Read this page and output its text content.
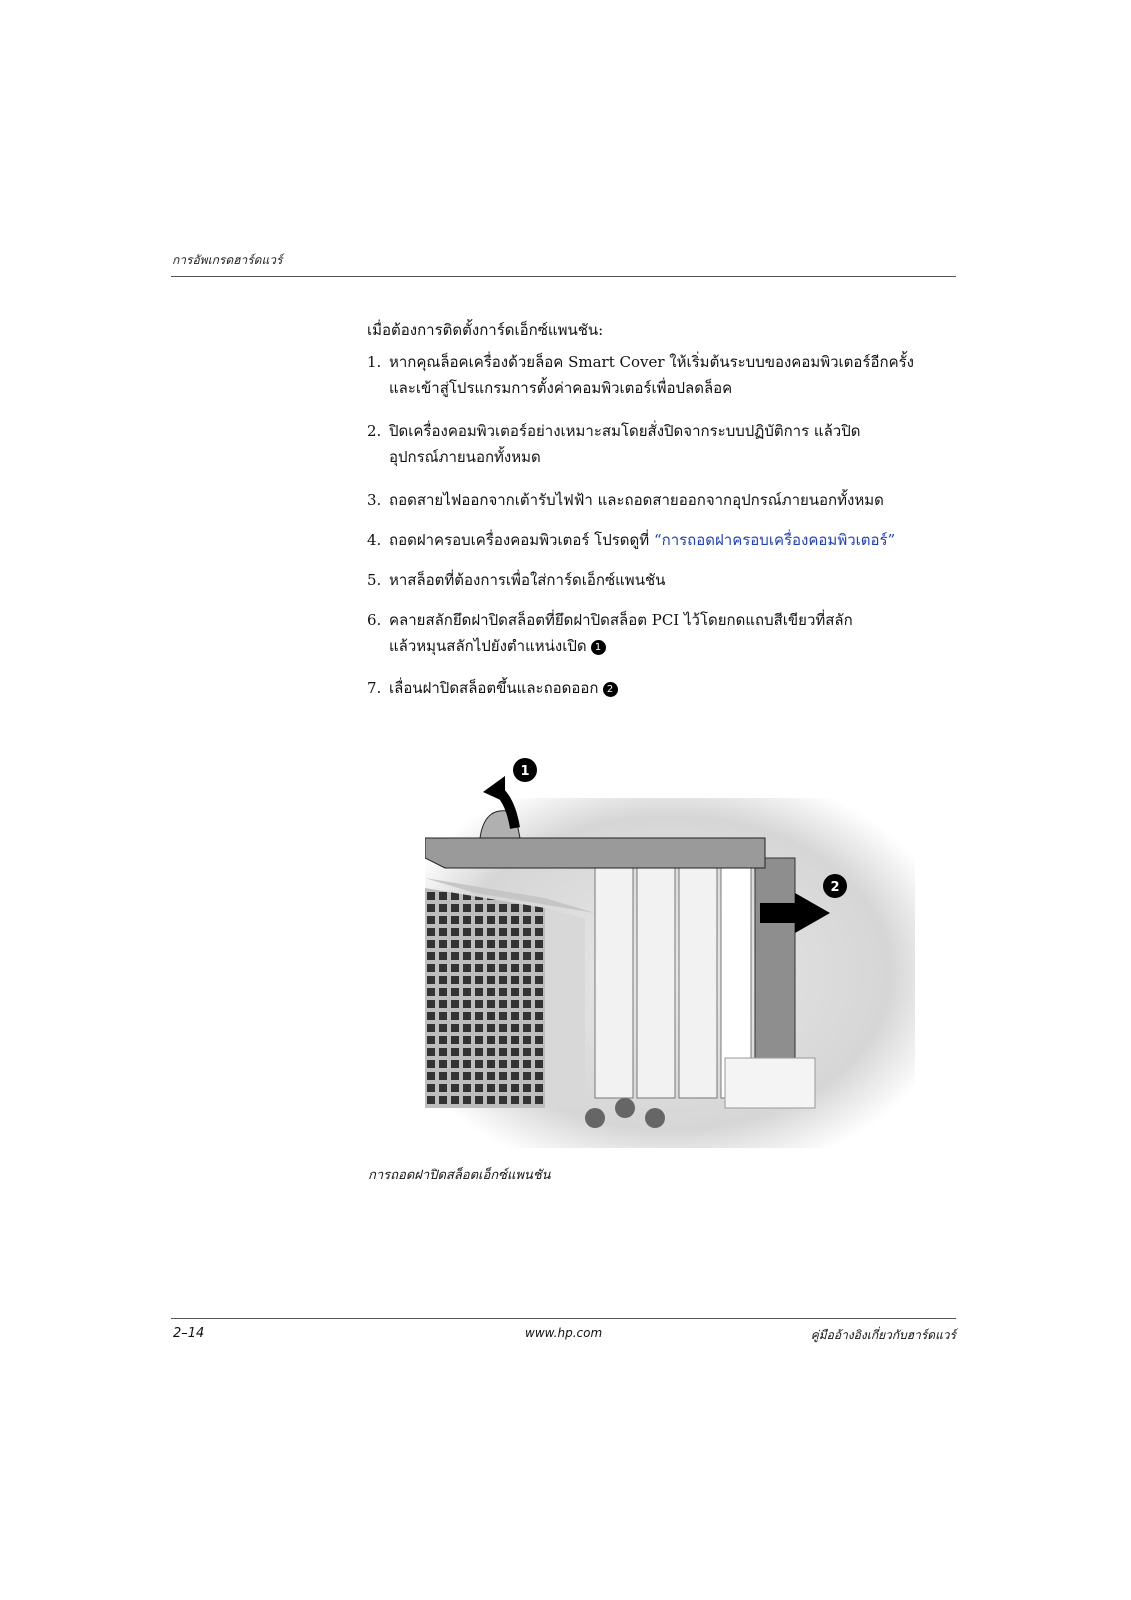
การอัพเกรดฮาร์ดแวร์
เมื่อต้องการติดตั้งการ์ดเอ็กซ์แพนชัน:
1. หากคุณล็อคเครื่องด้วยล็อค Smart Cover ให้เริ่มต้นระบบของคอมพิวเตอร์อีกครั้ง
และเข้าสู่โปรแกรมการตั้งค่าคอมพิวเตอร์เพื่อปลดล็อค
2. ปิดเครื่องคอมพิวเตอร์อย่างเหมาะสมโดยสั่งปิดจากระบบปฏิบัติการ แล้วปิด
อุปกรณ์ภายนอกทั้งหมด
3. ถอดสายไฟออกจากเต้ารับไฟฟ้า และถอดสายออกจากอุปกรณ์ภายนอกทั้งหมด
4. ถอดฝาครอบเครื่องคอมพิวเตอร์ โปรดดูที่ “การถอดฝาครอบเครื่องคอมพิวเตอร์”
5. หาสล็อตที่ต้องการเพื่อใส่การ์ดเอ็กซ์แพนชัน
6. คลายสลักยึดฝาปิดสล็อตที่ยึดฝาปิดสล็อต PCI ไว้โดยกดแถบสีเขียวที่สลัก
แล้วหมุนสลักไปยังตำแหน่งเปิด 1
7. เลื่อนฝาปิดสล็อตขึ้นและถอดออก 2
1
2
การถอดฝาปิดสล็อตเอ็กซ์แพนชัน
2–14	www.hp.com	คู่มืออ้างอิงเกี่ยวกับฮาร์ดแวร์
